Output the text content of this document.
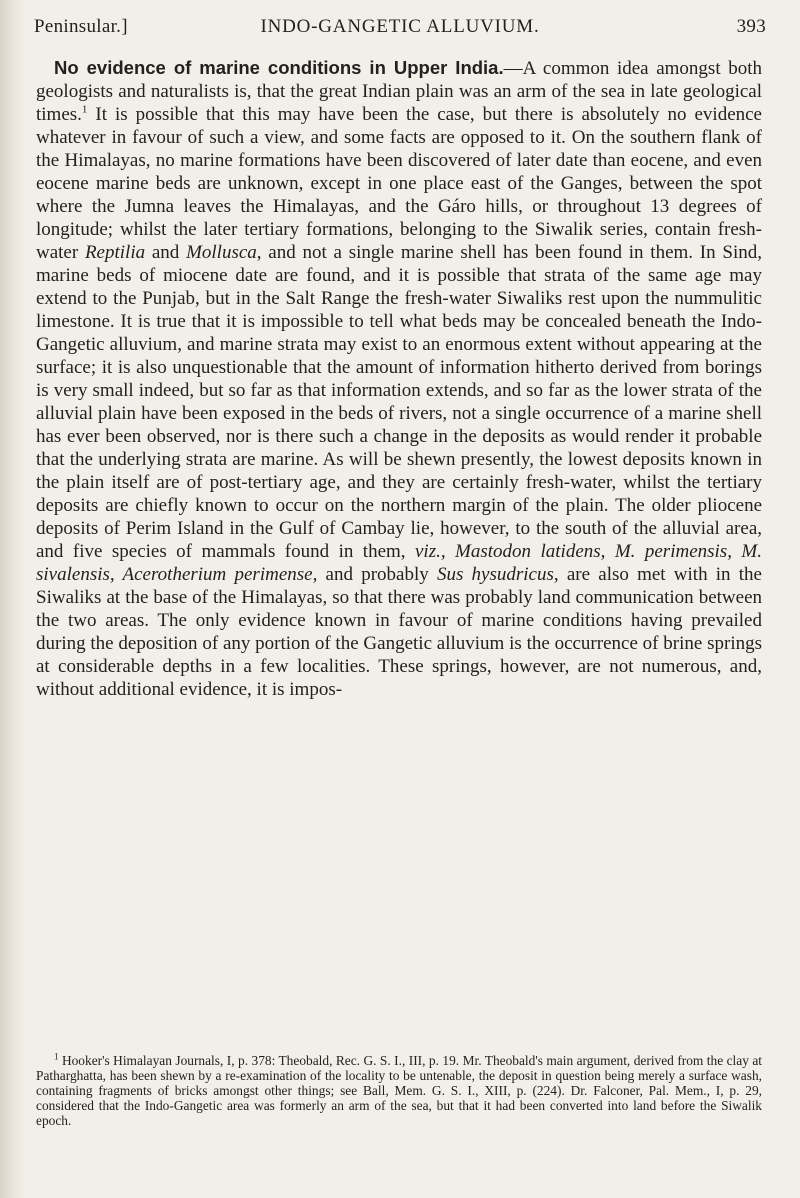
Peninsular.]	INDO-GANGETIC ALLUVIUM.	393

No evidence of marine conditions in Upper India.—A common idea amongst both geologists and naturalists is, that the great Indian plain was an arm of the sea in late geological times.$^1$ It is possible that this may have been the case, but there is absolutely no evidence whatever in favour of such a view, and some facts are opposed to it. On the southern flank of the Himalayas, no marine formations have been discovered of later date than eocene, and even eocene marine beds are unknown, except in one place east of the Ganges, between the spot where the Jumna leaves the Himalayas, and the Gáro hills, or throughout 13 degrees of longitude; whilst the later tertiary formations, belonging to the Siwalik series, contain fresh-water Reptilia and Mollusca, and not a single marine shell has been found in them. In Sind, marine beds of miocene date are found, and it is possible that strata of the same age may extend to the Punjab, but in the Salt Range the fresh-water Siwaliks rest upon the nummulitic limestone. It is true that it is impossible to tell what beds may be concealed beneath the Indo-Gangetic alluvium, and marine strata may exist to an enormous extent without appearing at the surface; it is also unquestionable that the amount of information hitherto derived from borings is very small indeed, but so far as that information extends, and so far as the lower strata of the alluvial plain have been exposed in the beds of rivers, not a single occurrence of a marine shell has ever been observed, nor is there such a change in the deposits as would render it probable that the underlying strata are marine. As will be shewn presently, the lowest deposits known in the plain itself are of post-tertiary age, and they are certainly fresh-water, whilst the tertiary deposits are chiefly known to occur on the northern margin of the plain. The older pliocene deposits of Perim Island in the Gulf of Cambay lie, however, to the south of the alluvial area, and five species of mammals found in them, viz., Mastodon latidens, M. perimensis, M. sivalensis, Acerotherium perimense, and probably Sus hysudricus, are also met with in the Siwaliks at the base of the Himalayas, so that there was probably land communication between the two areas. The only evidence known in favour of marine conditions having prevailed during the deposition of any portion of the Gangetic alluvium is the occurrence of brine springs at considerable depths in a few localities. These springs, however, are not numerous, and, without additional evidence, it is impos-

$^1$ Hooker's Himalayan Journals, I, p. 378: Theobald, Rec. G. S. I., III, p. 19. Mr. Theobald's main argument, derived from the clay at Patharghatta, has been shewn by a re-examination of the locality to be untenable, the deposit in question being merely a surface wash, containing fragments of bricks amongst other things; see Ball, Mem. G. S. I., XIII, p. (224). Dr. Falconer, Pal. Mem., I, p. 29, considered that the Indo-Gangetic area was formerly an arm of the sea, but that it had been converted into land before the Siwalik epoch.
